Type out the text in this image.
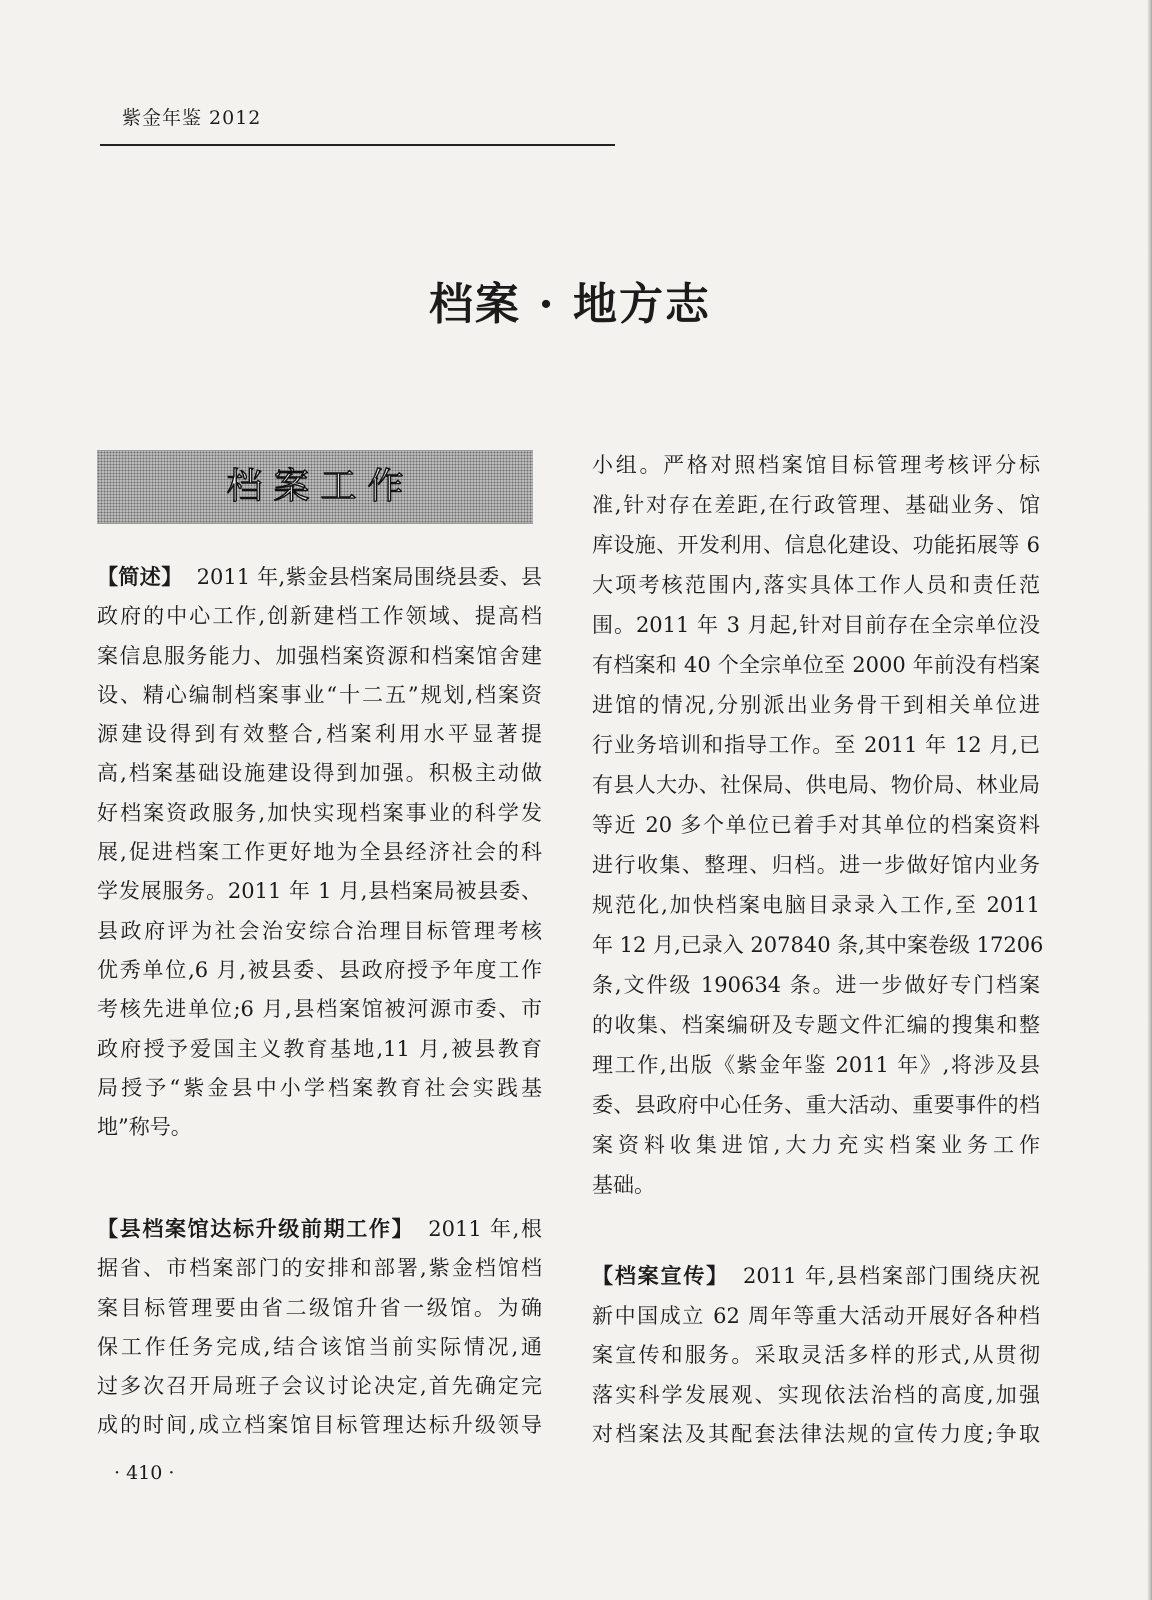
紫金年鉴 2012
档案 · 地方志
档案工作
【简述】 2011 年,紫金县档案局围绕县委、县
政府的中心工作,创新建档工作领域、提高档
案信息服务能力、加强档案资源和档案馆舍建
设、精心编制档案事业“十二五”规划,档案资
源建设得到有效整合,档案利用水平显著提
高,档案基础设施建设得到加强。积极主动做
好档案资政服务,加快实现档案事业的科学发
展,促进档案工作更好地为全县经济社会的科
学发展服务。2011 年 1 月,县档案局被县委、
县政府评为社会治安综合治理目标管理考核
优秀单位,6 月,被县委、县政府授予年度工作
考核先进单位;6 月,县档案馆被河源市委、市
政府授予爱国主义教育基地,11 月,被县教育
局授予“紫金县中小学档案教育社会实践基
地”称号。
【县档案馆达标升级前期工作】 2011 年,根
据省、市档案部门的安排和部署,紫金档馆档
案目标管理要由省二级馆升省一级馆。为确
保工作任务完成,结合该馆当前实际情况,通
过多次召开局班子会议讨论决定,首先确定完
成的时间,成立档案馆目标管理达标升级领导
小组。严格对照档案馆目标管理考核评分标
准,针对存在差距,在行政管理、基础业务、馆
库设施、开发利用、信息化建设、功能拓展等 6
大项考核范围内,落实具体工作人员和责任范
围。2011 年 3 月起,针对目前存在全宗单位没
有档案和 40 个全宗单位至 2000 年前没有档案
进馆的情况,分别派出业务骨干到相关单位进
行业务培训和指导工作。至 2011 年 12 月,已
有县人大办、社保局、供电局、物价局、林业局
等近 20 多个单位已着手对其单位的档案资料
进行收集、整理、归档。进一步做好馆内业务
规范化,加快档案电脑目录录入工作,至 2011
年 12 月,已录入 207840 条,其中案卷级 17206
条,文件级 190634 条。进一步做好专门档案
的收集、档案编研及专题文件汇编的搜集和整
理工作,出版《紫金年鉴 2011 年》,将涉及县
委、县政府中心任务、重大活动、重要事件的档
案资料收集进馆,大力充实档案业务工作
基础。
【档案宣传】 2011 年,县档案部门围绕庆祝
新中国成立 62 周年等重大活动开展好各种档
案宣传和服务。采取灵活多样的形式,从贯彻
落实科学发展观、实现依法治档的高度,加强
对档案法及其配套法律法规的宣传力度;争取
· 410 ·
